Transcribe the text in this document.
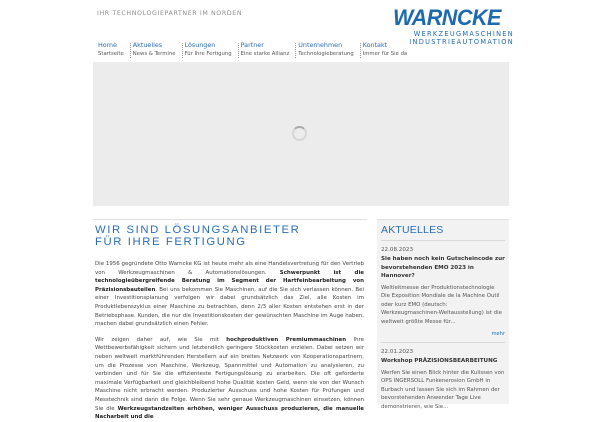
IHR TECHNOLOGIEPARTNER IM NORDEN	WARNCKE
WERKZEUGMASCHINEN
INDUSTRIEAUTOMATION
Home
Startseite
Aktuelles
News & Termine
Lösungen
Für Ihre Fertigung
Partner
Eine starke Allianz
Unternehmen
Technologieberatung
Kontakt
Immer für Sie da
WIR SIND LÖSUNGSANBIETER
FÜR IHRE FERTIGUNG

Die 1956 gegründete Otto Warncke KG ist heute mehr als eine Handelsvertretung für den Vertrieb von Werkzeugmaschinen & Automationslösungen. Schwerpunkt ist die technologieübergreifende Beratung im Segment der Hartfeinbearbeitung von Präzisionsbauteilen. Bei uns bekommen Sie Maschinen, auf die Sie sich verlassen können. Bei einer Investitionsplanung verfolgen wir dabei grundsätzlich das Ziel, alle Kosten im Produktlebenszyklus einer Maschine zu betrachten, denn 2/3 aller Kosten entstehen erst in der Betriebsphase. Kunden, die nur die Investitionskosten der gewünschten Maschine im Auge haben, machen dabei grundsätzlich einen Fehler.

Wir zeigen daher auf, wie Sie mit hochproduktiven Premiummaschinen Ihre Wettbewerbsfähigkeit sichern und letztendlich geringere Stückkosten erzielen. Dabei setzen wir neben weltweit marktführenden Herstellern auf ein breites Netzwerk von Kooperationspartnern, um die Prozesse von Maschine, Werkzeug, Spannmittel und Automation zu analysieren, zu verbinden und für Sie die effizienteste Fertigungslösung zu erarbeiten. Die oft geforderte maximale Verfügbarkeit und gleichbleibend hohe Qualität kosten Geld, wenn sie von der Wunsch Maschine nicht erbracht werden. Produzierter Ausschuss und hohe Kosten für Prüfungen und Messtechnik sind dann die Folge. Wenn Sie sehr genaue Werkzeugmaschinen einsetzen, können Sie die Werkzeugstandzeiten erhöhen, weniger Ausschuss produzieren, die manuelle Nacharbeit und die

AKTUELLES
22.08.2023
Sie haben noch kein Gutscheincode zur bevorstehenden EMO 2023 in Hannover?
Weltleitmesse der Produktionstechnologie Die Exposition Mondiale de la Machine Outil oder kurz EMO (deutsch: Werkzeugmaschinen-Weltausstellung) ist die weltweit größte Messe für...
mehr
22.01.2023
Workshop PRÄZISIONSBEARBEITUNG
Werfen Sie einen Blick hinter die Kulissen von OPS INGERSOLL Funkenerosion GmbH in Burbach und lassen Sie sich im Rahmen der bevorstehenden Anwender Tage Live demonstrieren, wie Sie...
